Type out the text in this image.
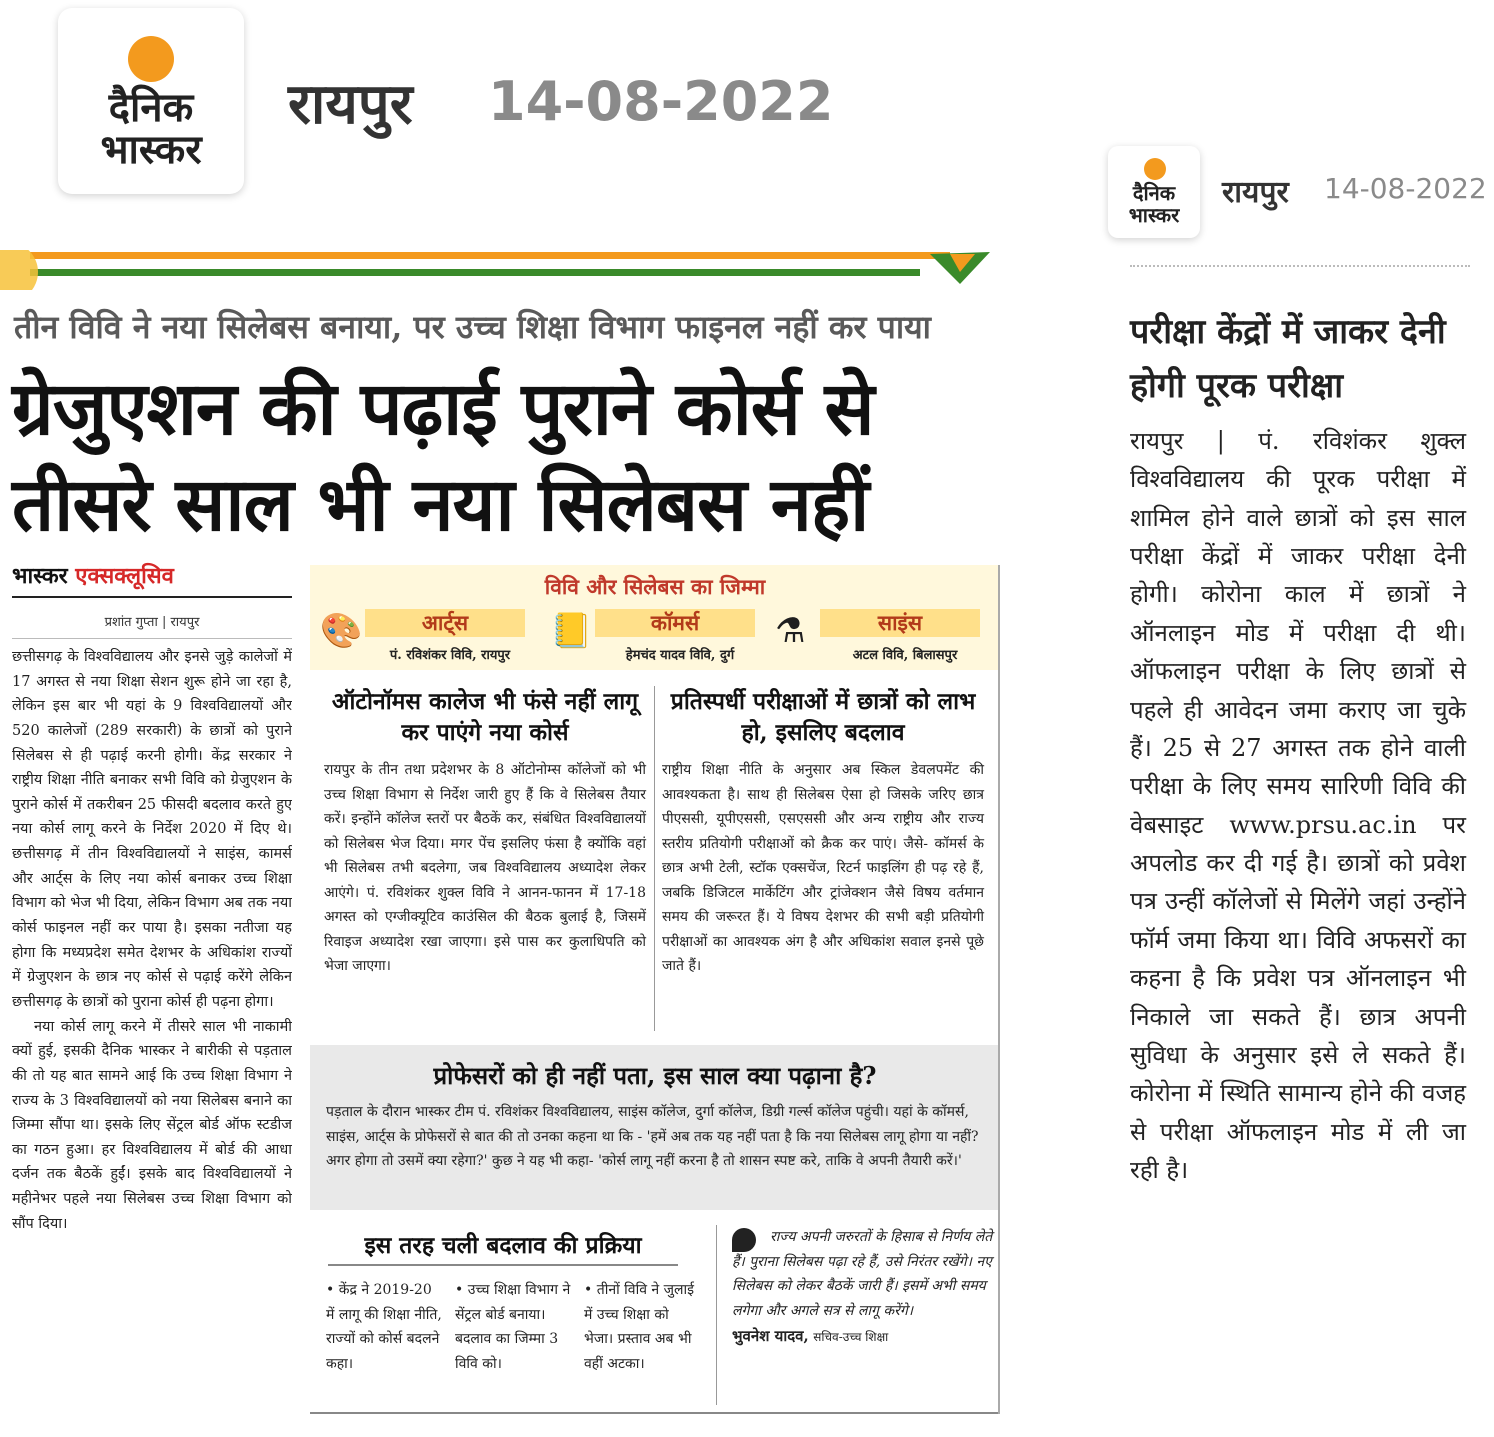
दैनिक
भास्कर
रायपुर 14-08-2022
दैनिक
भास्कर
रायपुर 14-08-2022
तीन विवि ने नया सिलेबस बनाया, पर उच्च शिक्षा विभाग फाइनल नहीं कर पाया
ग्रेजुएशन की पढ़ाई पुराने कोर्स से
तीसरे साल भी नया सिलेबस नहीं
भास्कर एक्सक्लूसिव
प्रशांत गुप्ता | रायपुर

छत्तीसगढ़ के विश्वविद्यालय और इनसे जुड़े कालेजों में 17 अगस्त से नया शिक्षा सेशन शुरू होने जा रहा है, लेकिन इस बार भी यहां के 9 विश्वविद्यालयों और 520 कालेजों (289 सरकारी) के छात्रों को पुराने सिलेबस से ही पढ़ाई करनी होगी। केंद्र सरकार ने राष्ट्रीय शिक्षा नीति बनाकर सभी विवि को ग्रेजुएशन के पुराने कोर्स में तकरीबन 25 फीसदी बदलाव करते हुए नया कोर्स लागू करने के निर्देश 2020 में दिए थे। छत्तीसगढ़ में तीन विश्वविद्यालयों ने साइंस, कामर्स और आर्ट्स के लिए नया कोर्स बनाकर उच्च शिक्षा विभाग को भेज भी दिया, लेकिन विभाग अब तक नया कोर्स फाइनल नहीं कर पाया है। इसका नतीजा यह होगा कि मध्यप्रदेश समेत देशभर के अधिकांश राज्यों में ग्रेजुएशन के छात्र नए कोर्स से पढ़ाई करेंगे लेकिन छत्तीसगढ़ के छात्रों को पुराना कोर्स ही पढ़ना होगा।

नया कोर्स लागू करने में तीसरे साल भी नाकामी क्यों हुई, इसकी दैनिक भास्कर ने बारीकी से पड़ताल की तो यह बात सामने आई कि उच्च शिक्षा विभाग ने राज्य के 3 विश्वविद्यालयों को नया सिलेबस बनाने का जिम्मा सौंपा था। इसके लिए सेंट्रल बोर्ड ऑफ स्टडीज का गठन हुआ। हर विश्वविद्यालय में बोर्ड की आधा दर्जन तक बैठकें हुईं। इसके बाद विश्वविद्यालयों ने महीनेभर पहले नया सिलेबस उच्च शिक्षा विभाग को सौंप दिया।

विवि और सिलेबस का जिम्मा
🎨	आर्ट्स
पं. रविशंकर विवि, रायपुर
📒	कॉमर्स
हेमचंद यादव विवि, दुर्ग
⚗	साइंस
अटल विवि, बिलासपुर
ऑटोनॉमस कालेज भी फंसे नहीं लागू कर पाएंगे नया कोर्स
रायपुर के तीन तथा प्रदेशभर के 8 ऑटोनोम्स कॉलेजों को भी उच्च शिक्षा विभाग से निर्देश जारी हुए हैं कि वे सिलेबस तैयार करें। इन्होंने कॉलेज स्तरों पर बैठकें कर, संबंधित विश्वविद्यालयों को सिलेबस भेज दिया। मगर पेंच इसलिए फंसा है क्योंकि वहां भी सिलेबस तभी बदलेगा, जब विश्वविद्यालय अध्यादेश लेकर आएंगे। पं. रविशंकर शुक्ल विवि ने आनन-फानन में 17-18 अगस्त को एग्जीक्यूटिव काउंसिल की बैठक बुलाई है, जिसमें रिवाइज अध्यादेश रखा जाएगा। इसे पास कर कुलाधिपति को भेजा जाएगा।
प्रतिस्पर्धी परीक्षाओं में छात्रों को लाभ हो, इसलिए बदलाव
राष्ट्रीय शिक्षा नीति के अनुसार अब स्किल डेवलपमेंट की आवश्यकता है। साथ ही सिलेबस ऐसा हो जिसके जरिए छात्र पीएससी, यूपीएससी, एसएससी और अन्य राष्ट्रीय और राज्य स्तरीय प्रतियोगी परीक्षाओं को क्रैक कर पाएं। जैसे- कॉमर्स के छात्र अभी टेली, स्टॉक एक्सचेंज, रिटर्न फाइलिंग ही पढ़ रहे हैं, जबकि डिजिटल मार्केटिंग और ट्रांजेक्शन जैसे विषय वर्तमान समय की जरूरत हैं। ये विषय देशभर की सभी बड़ी प्रतियोगी परीक्षाओं का आवश्यक अंग है और अधिकांश सवाल इनसे पूछे जाते हैं।
प्रोफेसरों को ही नहीं पता, इस साल क्या पढ़ाना है?
पड़ताल के दौरान भास्कर टीम पं. रविशंकर विश्वविद्यालय, साइंस कॉलेज, दुर्गा कॉलेज, डिग्री गर्ल्स कॉलेज पहुंची। यहां के कॉमर्स, साइंस, आर्ट्स के प्रोफेसरों से बात की तो उनका कहना था कि - 'हमें अब तक यह नहीं पता है कि नया सिलेबस लागू होगा या नहीं? अगर होगा तो उसमें क्या रहेगा?' कुछ ने यह भी कहा- 'कोर्स लागू नहीं करना है तो शासन स्पष्ट करे, ताकि वे अपनी तैयारी करें।'
इस तरह चली बदलाव की प्रक्रिया
• केंद्र ने 2019-20 में लागू की शिक्षा नीति, राज्यों को कोर्स बदलने कहा।
• उच्च शिक्षा विभाग ने सेंट्रल बोर्ड बनाया। बदलाव का जिम्मा 3 विवि को।
• तीनों विवि ने जुलाई में उच्च शिक्षा को भेजा। प्रस्ताव अब भी वहीं अटका।
राज्य अपनी जरुरतों के हिसाब से निर्णय लेते हैं। पुराना सिलेबस पढ़ा रहे हैं, उसे निरंतर रखेंगे। नए सिलेबस को लेकर बैठकें जारी हैं। इसमें अभी समय लगेगा और अगले सत्र से लागू करेंगे।
भुवनेश यादव, सचिव-उच्च शिक्षा
परीक्षा केंद्रों में जाकर देनी होगी पूरक परीक्षा
रायपुर | पं. रविशंकर शुक्ल विश्वविद्यालय की पूरक परीक्षा में शामिल होने वाले छात्रों को इस साल परीक्षा केंद्रों में जाकर परीक्षा देनी होगी। कोरोना काल में छात्रों ने ऑनलाइन मोड में परीक्षा दी थी। ऑफलाइन परीक्षा के लिए छात्रों से पहले ही आवेदन जमा कराए जा चुके हैं। 25 से 27 अगस्त तक होने वाली परीक्षा के लिए समय सारिणी विवि की वेबसाइट www.prsu.ac.in पर अपलोड कर दी गई है। छात्रों को प्रवेश पत्र उन्हीं कॉलेजों से मिलेंगे जहां उन्होंने फॉर्म जमा किया था। विवि अफसरों का कहना है कि प्रवेश पत्र ऑनलाइन भी निकाले जा सकते हैं। छात्र अपनी सुविधा के अनुसार इसे ले सकते हैं। कोरोना में स्थिति सामान्य होने की वजह से परीक्षा ऑफलाइन मोड में ली जा रही है।
